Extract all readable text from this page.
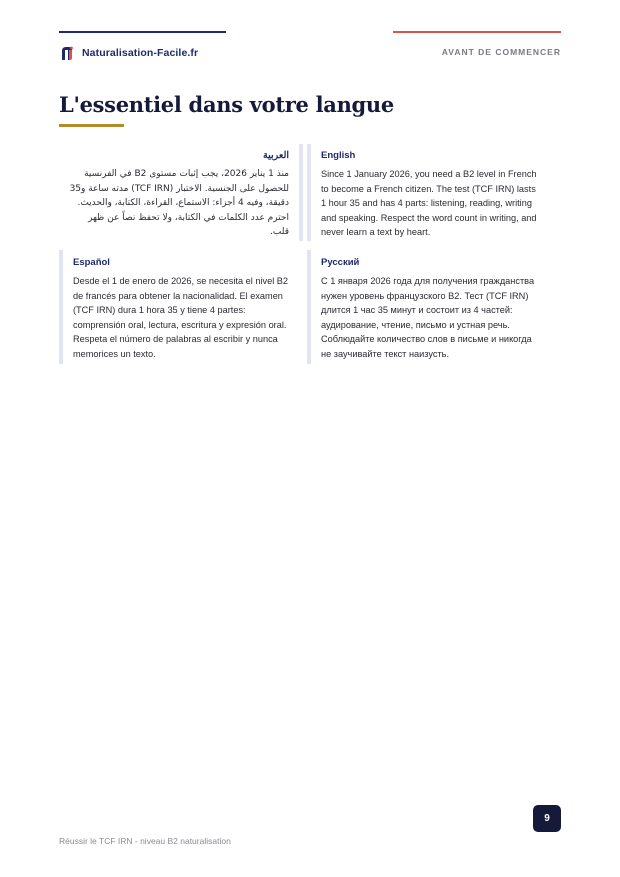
Naturalisation-Facile.fr	AVANT DE COMMENCER
L'essentiel dans votre langue

العربية

منذ 1 يناير 2026، يجب إثبات مستوى B2 في الفرنسية للحصول على الجنسية. الاختبار (TCF IRN) مدته ساعة و35 دقيقة، وفيه 4 أجزاء: الاستماع، القراءة، الكتابة، والحديث. احترم عدد الكلمات في الكتابة، ولا تحفظ نصاً عن ظهر قلب.

English

Since 1 January 2026, you need a B2 level in French to become a French citizen. The test (TCF IRN) lasts 1 hour 35 and has 4 parts: listening, reading, writing and speaking. Respect the word count in writing, and never learn a text by heart.

Español

Desde el 1 de enero de 2026, se necesita el nivel B2 de francés para obtener la nacionalidad. El examen (TCF IRN) dura 1 hora 35 y tiene 4 partes: comprensión oral, lectura, escritura y expresión oral. Respeta el número de palabras al escribir y nunca memorices un texto.

Русский

С 1 января 2026 года для получения гражданства нужен уровень французского B2. Тест (TCF IRN) длится 1 час 35 минут и состоит из 4 частей: аудирование, чтение, письмо и устная речь. Соблюдайте количество слов в письме и никогда не заучивайте текст наизусть.

Réussir le TCF IRN - niveau B2 naturalisation
9
